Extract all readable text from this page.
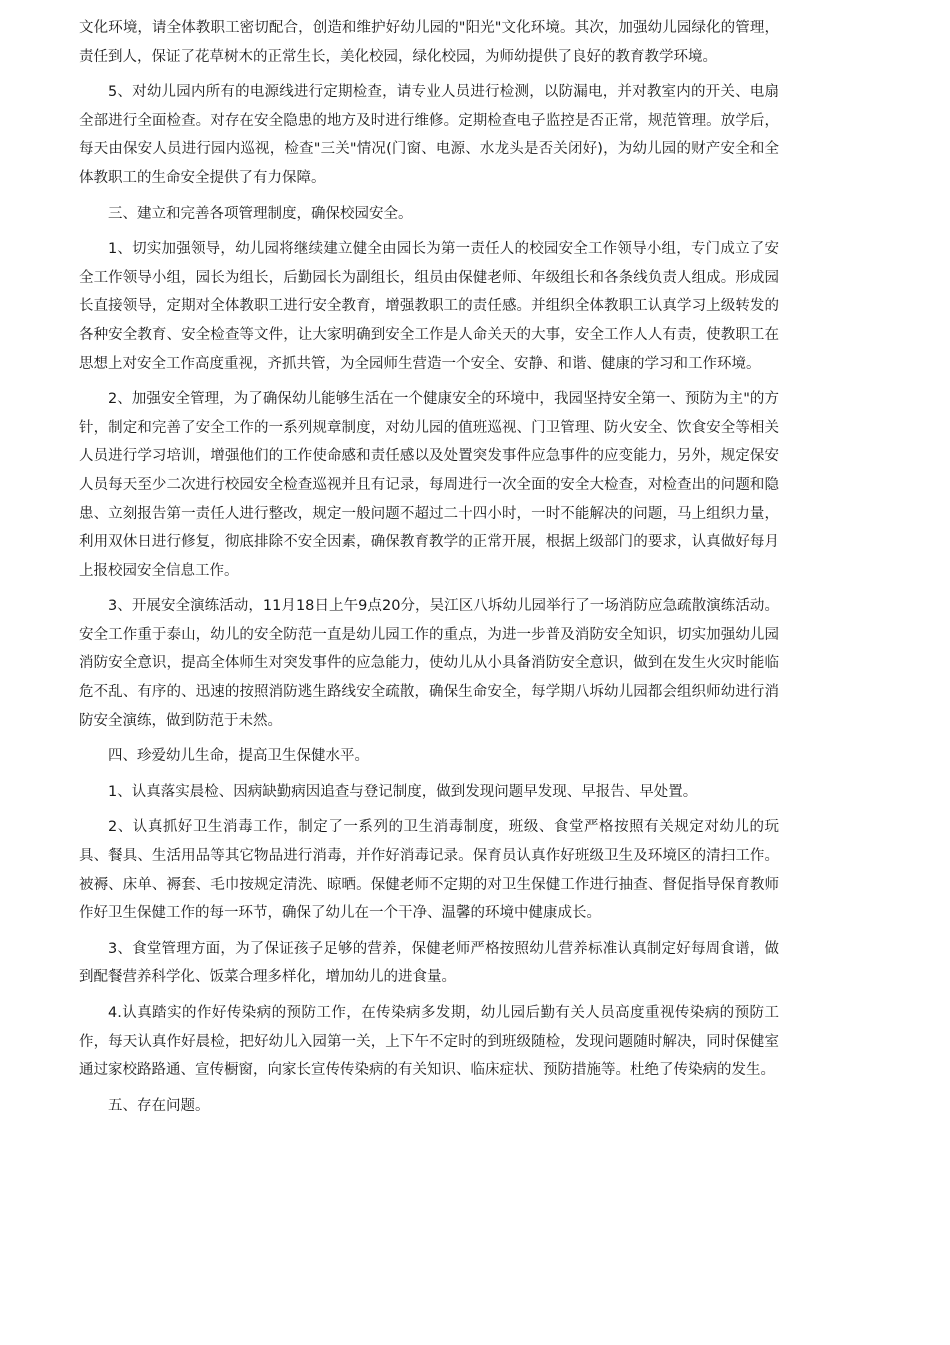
文化环境，请全体教职工密切配合，创造和维护好幼儿园的"阳光"文化环境。其次，加强幼儿园绿化的管理，责任到人，保证了花草树木的正常生长，美化校园，绿化校园，为师幼提供了良好的教育教学环境。

5、对幼儿园内所有的电源线进行定期检查，请专业人员进行检测，以防漏电，并对教室内的开关、电扇全部进行全面检查。对存在安全隐患的地方及时进行维修。定期检查电子监控是否正常，规范管理。放学后，每天由保安人员进行园内巡视，检查"三关"情况(门窗、电源、水龙头是否关闭好)，为幼儿园的财产安全和全体教职工的生命安全提供了有力保障。

三、建立和完善各项管理制度，确保校园安全。

1、切实加强领导，幼儿园将继续建立健全由园长为第一责任人的校园安全工作领导小组，专门成立了安全工作领导小组，园长为组长，后勤园长为副组长，组员由保健老师、年级组长和各条线负责人组成。形成园长直接领导，定期对全体教职工进行安全教育，增强教职工的责任感。并组织全体教职工认真学习上级转发的各种安全教育、安全检查等文件，让大家明确到安全工作是人命关天的大事，安全工作人人有责，使教职工在思想上对安全工作高度重视，齐抓共管，为全园师生营造一个安全、安静、和谐、健康的学习和工作环境。

2、加强安全管理，为了确保幼儿能够生活在一个健康安全的环境中，我园坚持安全第一、预防为主"的方针，制定和完善了安全工作的一系列规章制度，对幼儿园的值班巡视、门卫管理、防火安全、饮食安全等相关人员进行学习培训，增强他们的工作使命感和责任感以及处置突发事件应急事件的应变能力，另外，规定保安人员每天至少二次进行校园安全检查巡视并且有记录，每周进行一次全面的安全大检查，对检查出的问题和隐患、立刻报告第一责任人进行整改，规定一般问题不超过二十四小时，一时不能解决的问题，马上组织力量，利用双休日进行修复，彻底排除不安全因素，确保教育教学的正常开展，根据上级部门的要求，认真做好每月上报校园安全信息工作。

3、开展安全演练活动，11月18日上午9点20分，吴江区八坼幼儿园举行了一场消防应急疏散演练活动。安全工作重于泰山，幼儿的安全防范一直是幼儿园工作的重点，为进一步普及消防安全知识，切实加强幼儿园消防安全意识，提高全体师生对突发事件的应急能力，使幼儿从小具备消防安全意识，做到在发生火灾时能临危不乱、有序的、迅速的按照消防逃生路线安全疏散，确保生命安全，每学期八坼幼儿园都会组织师幼进行消防安全演练，做到防范于未然。

四、珍爱幼儿生命，提高卫生保健水平。

1、认真落实晨检、因病缺勤病因追查与登记制度，做到发现问题早发现、早报告、早处置。

2、认真抓好卫生消毒工作，制定了一系列的卫生消毒制度，班级、食堂严格按照有关规定对幼儿的玩具、餐具、生活用品等其它物品进行消毒，并作好消毒记录。保育员认真作好班级卫生及环境区的清扫工作。被褥、床单、褥套、毛巾按规定清洗、晾晒。保健老师不定期的对卫生保健工作进行抽查、督促指导保育教师作好卫生保健工作的每一环节，确保了幼儿在一个干净、温馨的环境中健康成长。

3、食堂管理方面，为了保证孩子足够的营养，保健老师严格按照幼儿营养标准认真制定好每周食谱，做到配餐营养科学化、饭菜合理多样化，增加幼儿的进食量。

4.认真踏实的作好传染病的预防工作，在传染病多发期，幼儿园后勤有关人员高度重视传染病的预防工作，每天认真作好晨检，把好幼儿入园第一关，上下午不定时的到班级随检，发现问题随时解决，同时保健室通过家校路路通、宣传橱窗，向家长宣传传染病的有关知识、临床症状、预防措施等。杜绝了传染病的发生。

五、存在问题。
